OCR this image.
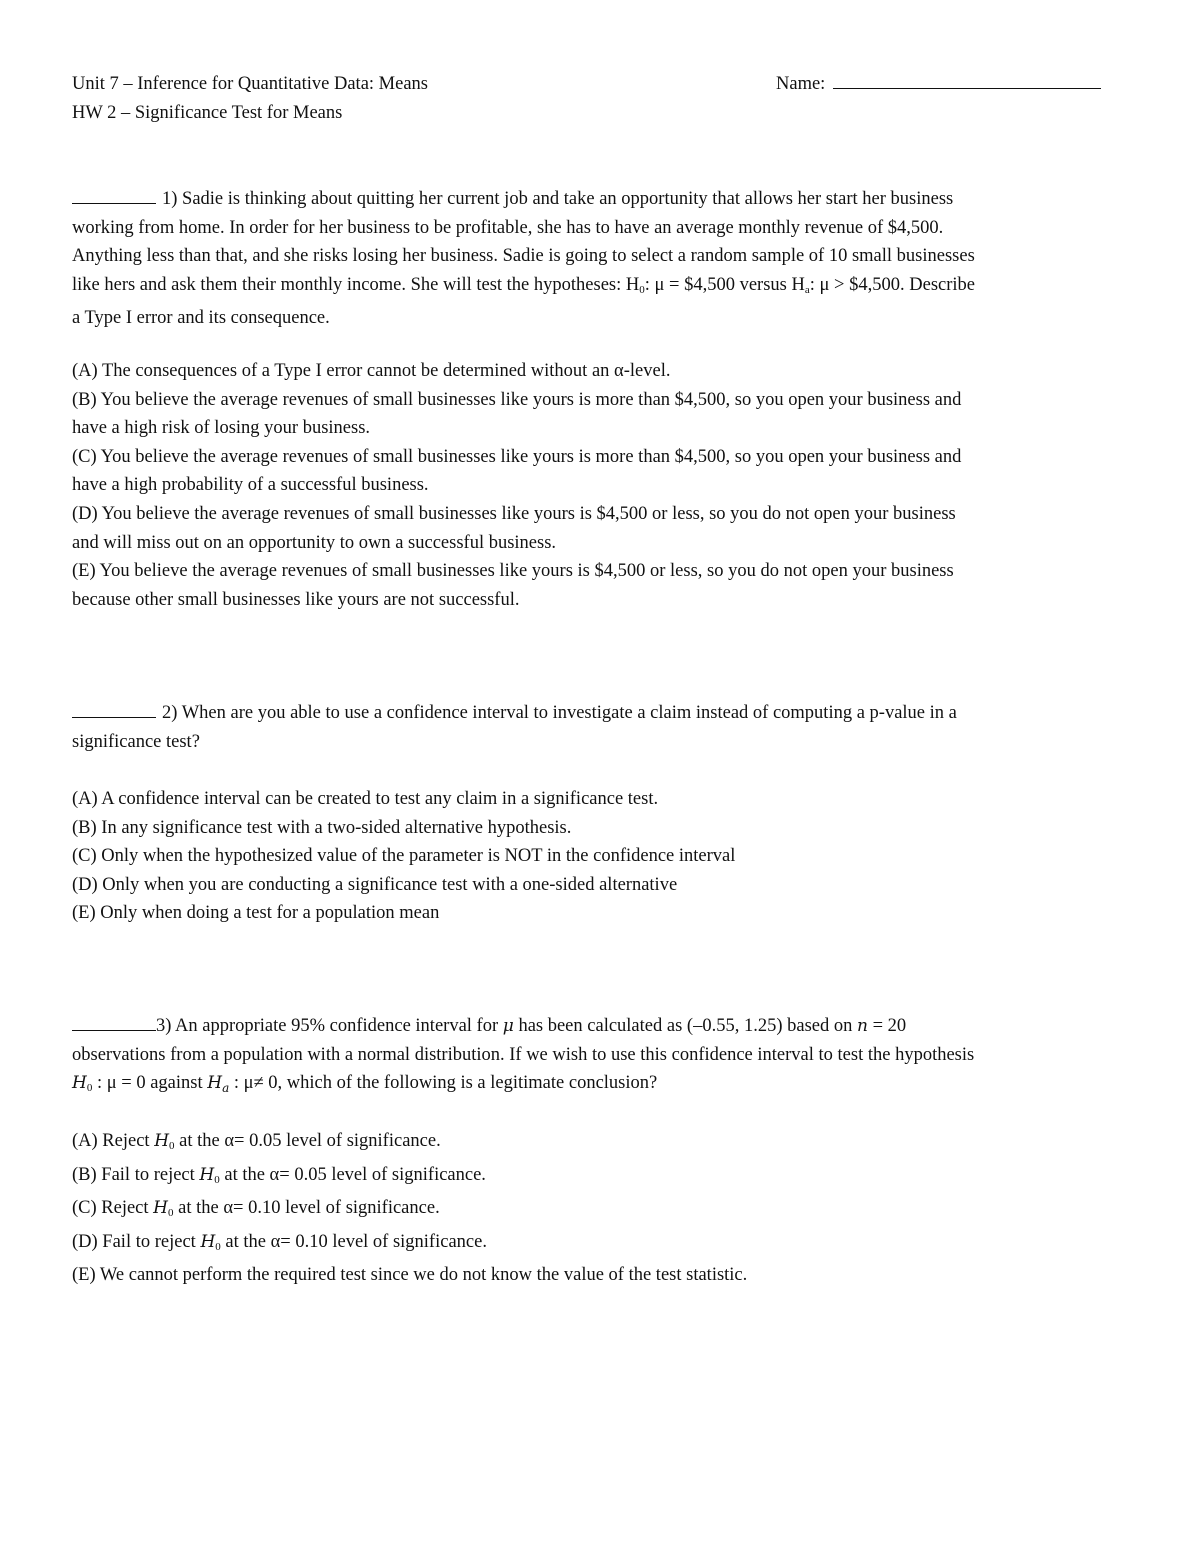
Unit 7 – Inference for Quantitative Data: Means
HW 2 – Significance Test for Means
Name:
1) Sadie is thinking about quitting her current job and take an opportunity that allows her start her business
working from home. In order for her business to be profitable, she has to have an average monthly revenue of $4,500.
Anything less than that, and she risks losing her business. Sadie is going to select a random sample of 10 small businesses
like hers and ask them their monthly income. She will test the hypotheses: $H_0$: μ = $4,500 versus $H_a$: μ > $4,500. Describe
a Type I error and its consequence.
(A) The consequences of a Type I error cannot be determined without an α-level.
(B) You believe the average revenues of small businesses like yours is more than $4,500, so you open your business and
have a high risk of losing your business.
(C) You believe the average revenues of small businesses like yours is more than $4,500, so you open your business and
have a high probability of a successful business.
(D) You believe the average revenues of small businesses like yours is $4,500 or less, so you do not open your business
and will miss out on an opportunity to own a successful business.
(E) You believe the average revenues of small businesses like yours is $4,500 or less, so you do not open your business
because other small businesses like yours are not successful.
2) When are you able to use a confidence interval to investigate a claim instead of computing a p-value in a
significance test?
(A) A confidence interval can be created to test any claim in a significance test.
(B) In any significance test with a two-sided alternative hypothesis.
(C) Only when the hypothesized value of the parameter is NOT in the confidence interval
(D) Only when you are conducting a significance test with a one-sided alternative
(E) Only when doing a test for a population mean
3) An appropriate 95% confidence interval for μ has been calculated as (–0.55, 1.25) based on n = 20
observations from a population with a normal distribution. If we wish to use this confidence interval to test the hypothesis
$H_0$ : μ = 0 against $H_a$ : μ≠ 0, which of the following is a legitimate conclusion?
(A) Reject $H_0$ at the α= 0.05 level of significance.
(B) Fail to reject $H_0$ at the α= 0.05 level of significance.
(C) Reject $H_0$ at the α= 0.10 level of significance.
(D) Fail to reject $H_0$ at the α= 0.10 level of significance.
(E) We cannot perform the required test since we do not know the value of the test statistic.
